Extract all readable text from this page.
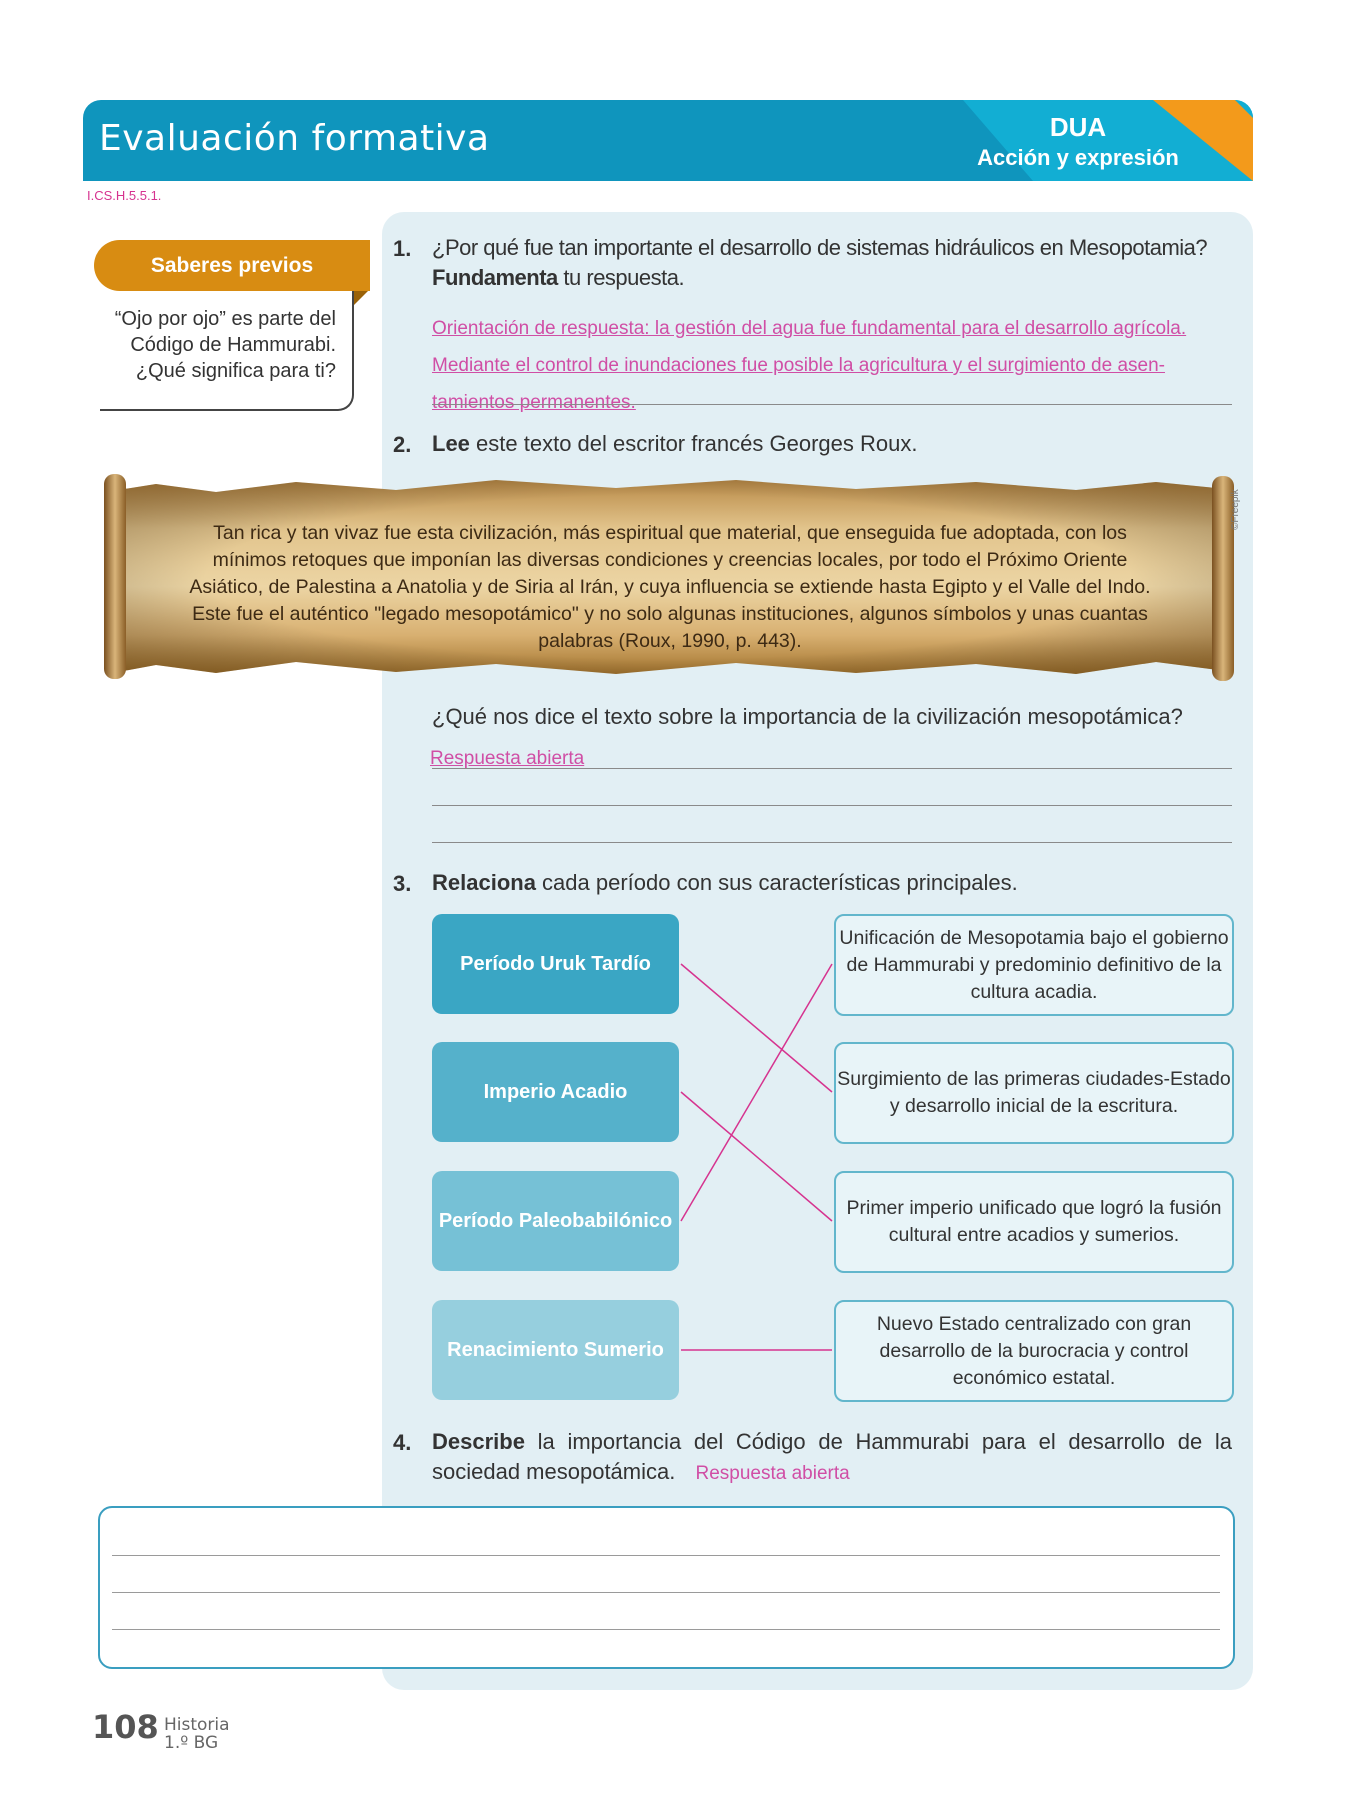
Evaluación formativa	DUA
Acción y expresión
I.CS.H.5.5.1.
Saberes previos
“Ojo por ojo” es parte del Código de Hammurabi. ¿Qué significa para ti?
1. ¿Por qué fue tan importante el desarrollo de sistemas hidráulicos en Mesopotamia?
Fundamenta tu respuesta.
Orientación de respuesta: la gestión del agua fue fundamental para el desarrollo agrícola.
Mediante el control de inundaciones fue posible la agricultura y el surgimiento de asen-
tamientos permanentes.
2. Lee este texto del escritor francés Georges Roux.
Tan rica y tan vivaz fue esta civilización, más espiritual que material, que enseguida fue adoptada, con los mínimos retoques que imponían las diversas condiciones y creencias locales, por todo el Próximo Oriente Asiático, de Palestina a Anatolia y de Siria al Irán, y cuya influencia se extiende hasta Egipto y el Valle del Indo. Este fue el auténtico "legado mesopotámico" y no solo algunas instituciones, algunos símbolos y unas cuantas palabras (Roux, 1990, p. 443).
©Freepik
¿Qué nos dice el texto sobre la importancia de la civilización mesopotámica?
Respuesta abierta
3. Relaciona cada período con sus características principales.
Período Uruk Tardío
Imperio Acadio
Período Paleobabilónico
Renacimiento Sumerio
Unificación de Mesopotamia bajo el gobierno de Hammurabi y predominio definitivo de la cultura acadia.
Surgimiento de las primeras ciudades-Estado y desarrollo inicial de la escritura.
Primer imperio unificado que logró la fusión cultural entre acadios y sumerios.
Nuevo Estado centralizado con gran desarrollo de la burocracia y control económico estatal.
4. Describe la importancia del Código de Hammurabi para el desarrollo de la sociedad mesopotámica. Respuesta abierta
108 Historia
1.º BG
